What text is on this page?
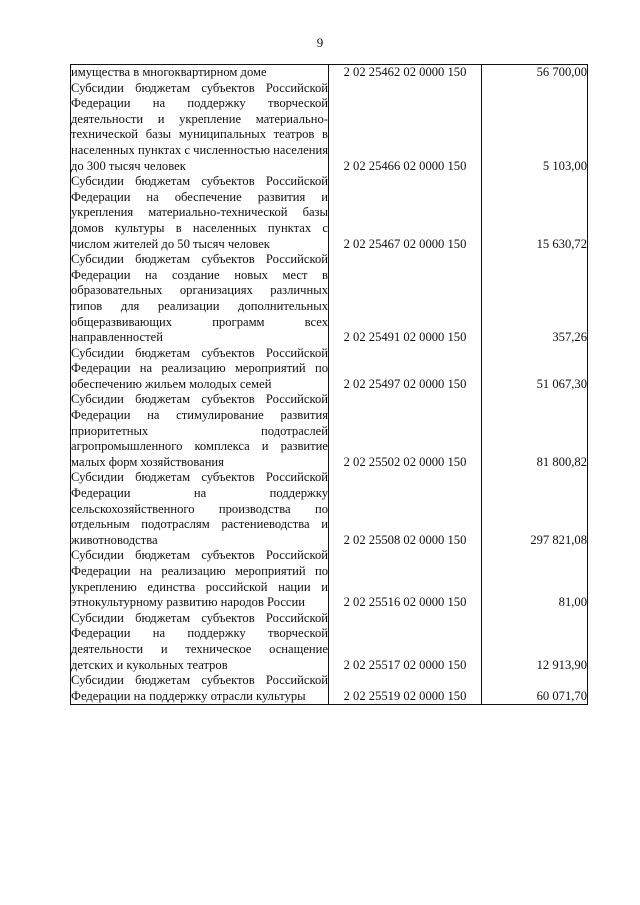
9
имущества в многоквартирном доме	2 02 25462 02 0000 150	56 700,00
Субсидии бюджетам субъектов Российской Федерации на поддержку творческой деятельности и укрепление материально-технической базы муниципальных театров в населенных пунктах с численностью населения до 300 тысяч человек	2 02 25466 02 0000 150	5 103,00
Субсидии бюджетам субъектов Российской Федерации на обеспечение развития и укрепления материально-технической базы домов культуры в населенных пунктах с числом жителей до 50 тысяч человек	2 02 25467 02 0000 150	15 630,72
Субсидии бюджетам субъектов Российской Федерации на создание новых мест в образовательных организациях различных типов для реализации дополнительных общеразвивающих программ всех направленностей	2 02 25491 02 0000 150	357,26
Субсидии бюджетам субъектов Российской Федерации на реализацию мероприятий по обеспечению жильем молодых семей	2 02 25497 02 0000 150	51 067,30
Субсидии бюджетам субъектов Российской Федерации на стимулирование развития приоритетных подотраслей агропромышленного комплекса и развитие малых форм хозяйствования	2 02 25502 02 0000 150	81 800,82
Субсидии бюджетам субъектов Российской Федерации на поддержку сельскохозяйственного производства по отдельным подотраслям растениеводства и животноводства	2 02 25508 02 0000 150	297 821,08
Субсидии бюджетам субъектов Российской Федерации на реализацию мероприятий по укреплению единства российской нации и этнокультурному развитию народов России	2 02 25516 02 0000 150	81,00
Субсидии бюджетам субъектов Российской Федерации на поддержку творческой деятельности и техническое оснащение детских и кукольных театров	2 02 25517 02 0000 150	12 913,90
Субсидии бюджетам субъектов Российской Федерации на поддержку отрасли культуры	2 02 25519 02 0000 150	60 071,70
